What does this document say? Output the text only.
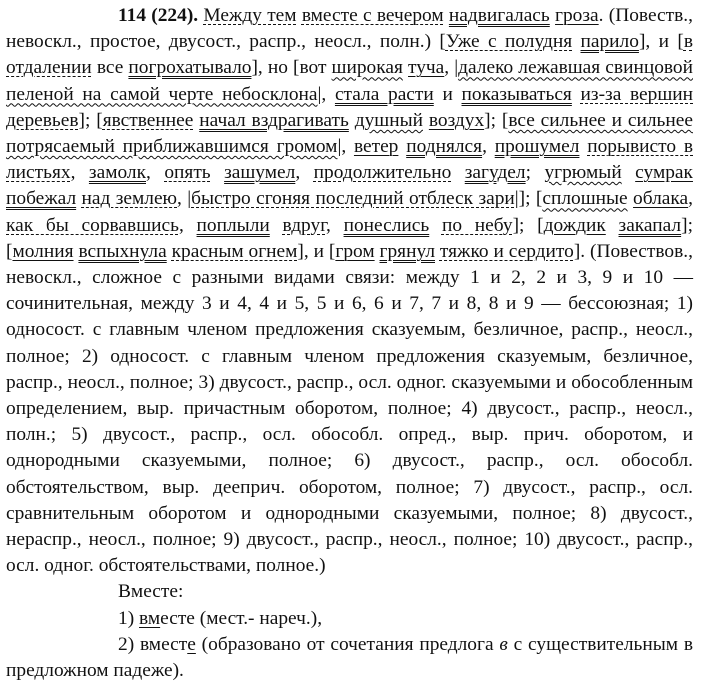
114 (224). Между тем вместе с вечером надвигалась гроза. (Повеств., невоскл., простое, двусост., распр., неосл., полн.) [Уже с полудня парило], и [в отдалении все погрохатывало], но [вот широкая туча, |далеко лежавшая свинцовой пеленой на самой черте небосклона|, стала расти и показываться из-за вершин деревьев]; [явственнее начал вздрагивать душный воздух]; [все сильнее и сильнее потрясаемый приближавшимся громом|, ветер поднялся, прошумел порывисто в листьях, замолк, опять зашумел, продолжительно загудел; угрюмый сумрак побежал над землею, |быстро сгоняя последний отблеск зари|]; [сплошные облака, как бы сорвавшись, поплыли вдруг, понеслись по небу]; [дождик закапал]; [молния вспыхнула красным огнем], и [гром грянул тяжко и сердито]. (Повествов., невоскл., сложное с разными видами связи: между 1 и 2, 2 и 3, 9 и 10 — сочинительная, между 3 и 4, 4 и 5, 5 и 6, 6 и 7, 7 и 8, 8 и 9 — бессоюзная; 1) односост. с главным членом предложения сказуемым, безличное, распр., неосл., полное; 2) односост. с главным членом предложения сказуемым, безличное, распр., неосл., полное; 3) двусост., распр., осл. одног. сказуемыми и обособленным определением, выр. причастным оборотом, полное; 4) двусост., распр., неосл., полн.; 5) двусост., распр., осл. обособл. опред., выр. прич. оборотом, и однородными сказуемыми, полное; 6) двусост., распр., осл. обособл. обстоятельством, выр. дееприч. оборотом, полное; 7) двусост., распр., осл. сравнительным оборотом и однородными сказуемыми, полное; 8) двусост., нераспр., неосл., полное; 9) двусост., распр., неосл., полное; 10) двусост., распр., осл. одног. обстоятельствами, полное.)

Вместе:

1) вместе (мест.- нареч.),

2) вместе (образовано от сочетания предлога в с существительным в предложном падеже).
